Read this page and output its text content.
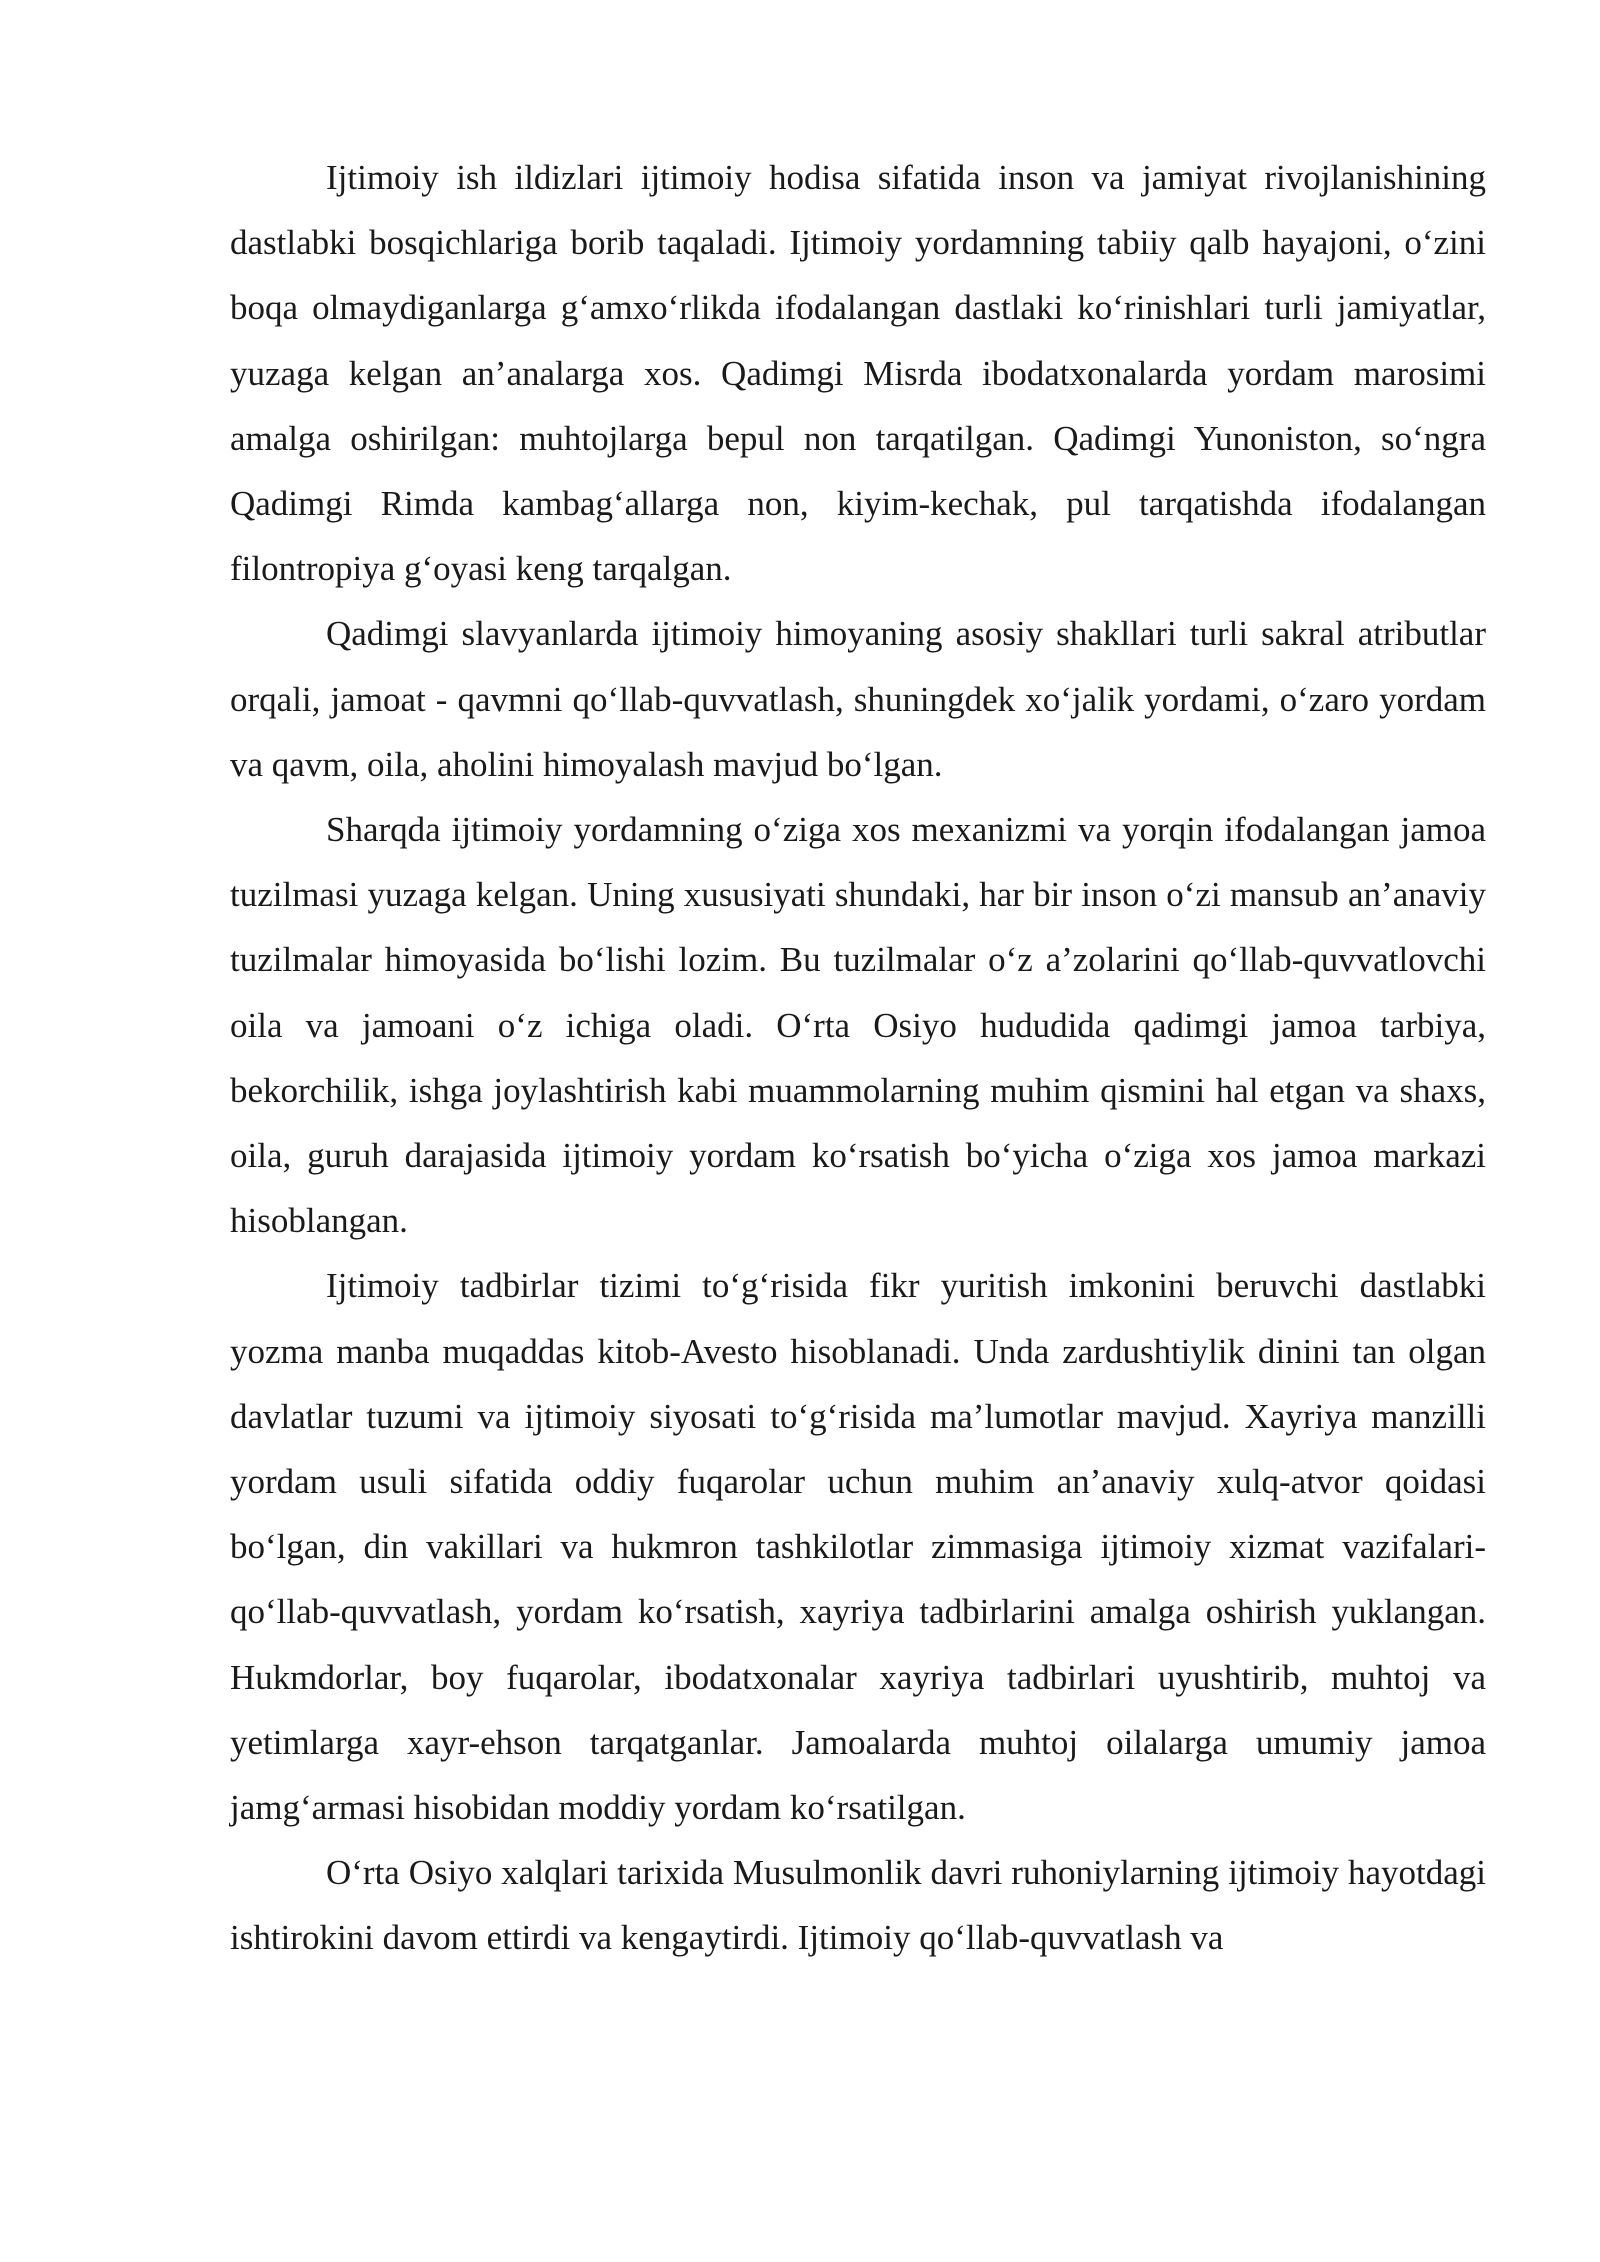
Ijtimoiy ish ildizlari ijtimoiy hodisa sifatida inson va jamiyat rivojlanishining dastlabki bosqichlariga borib taqaladi. Ijtimoiy yordamning tabiiy qalb hayajoni, o‘zini boqa olmaydiganlarga g‘amxo‘rlikda ifodalangan dastlaki ko‘rinishlari turli jamiyatlar, yuzaga kelgan an’analarga xos. Qadimgi Misrda ibodatxonalarda yordam marosimi amalga oshirilgan: muhtojlarga bepul non tarqatilgan. Qadimgi Yunoniston, so‘ngra Qadimgi Rimda kambag‘allarga non, kiyim-kechak, pul tarqatishda ifodalangan filontropiya g‘oyasi keng tarqalgan.

Qadimgi slavyanlarda ijtimoiy himoyaning asosiy shakllari turli sakral atributlar orqali, jamoat - qavmni qo‘llab-quvvatlash, shuningdek xo‘jalik yordami, o‘zaro yordam va qavm, oila, aholini himoyalash mavjud bo‘lgan.

Sharqda ijtimoiy yordamning o‘ziga xos mexanizmi va yorqin ifodalangan jamoa tuzilmasi yuzaga kelgan. Uning xususiyati shundaki, har bir inson o‘zi mansub an’anaviy tuzilmalar himoyasida bo‘lishi lozim. Bu tuzilmalar o‘z a’zolarini qo‘llab-quvvatlovchi oila va jamoani o‘z ichiga oladi. O‘rta Osiyo hududida qadimgi jamoa tarbiya, bekorchilik, ishga joylashtirish kabi muammolarning muhim qismini hal etgan va shaxs, oila, guruh darajasida ijtimoiy yordam ko‘rsatish bo‘yicha o‘ziga xos jamoa markazi hisoblangan.

Ijtimoiy tadbirlar tizimi to‘g‘risida fikr yuritish imkonini beruvchi dastlabki yozma manba muqaddas kitob-Avesto hisoblanadi. Unda zardushtiylik dinini tan olgan davlatlar tuzumi va ijtimoiy siyosati to‘g‘risida ma’lumotlar mavjud. Xayriya manzilli yordam usuli sifatida oddiy fuqarolar uchun muhim an’anaviy xulq-atvor qoidasi bo‘lgan, din vakillari va hukmron tashkilotlar zimmasiga ijtimoiy xizmat vazifalari- qo‘llab-quvvatlash, yordam ko‘rsatish, xayriya tadbirlarini amalga oshirish yuklangan. Hukmdorlar, boy fuqarolar, ibodatxonalar xayriya tadbirlari uyushtirib, muhtoj va yetimlarga xayr-ehson tarqatganlar. Jamoalarda muhtoj oilalarga umumiy jamoa jamg‘armasi hisobidan moddiy yordam ko‘rsatilgan.

O‘rta Osiyo xalqlari tarixida Musulmonlik davri ruhoniylarning ijtimoiy hayotdagi ishtirokini davom ettirdi va kengaytirdi. Ijtimoiy qo‘llab-quvvatlash va
